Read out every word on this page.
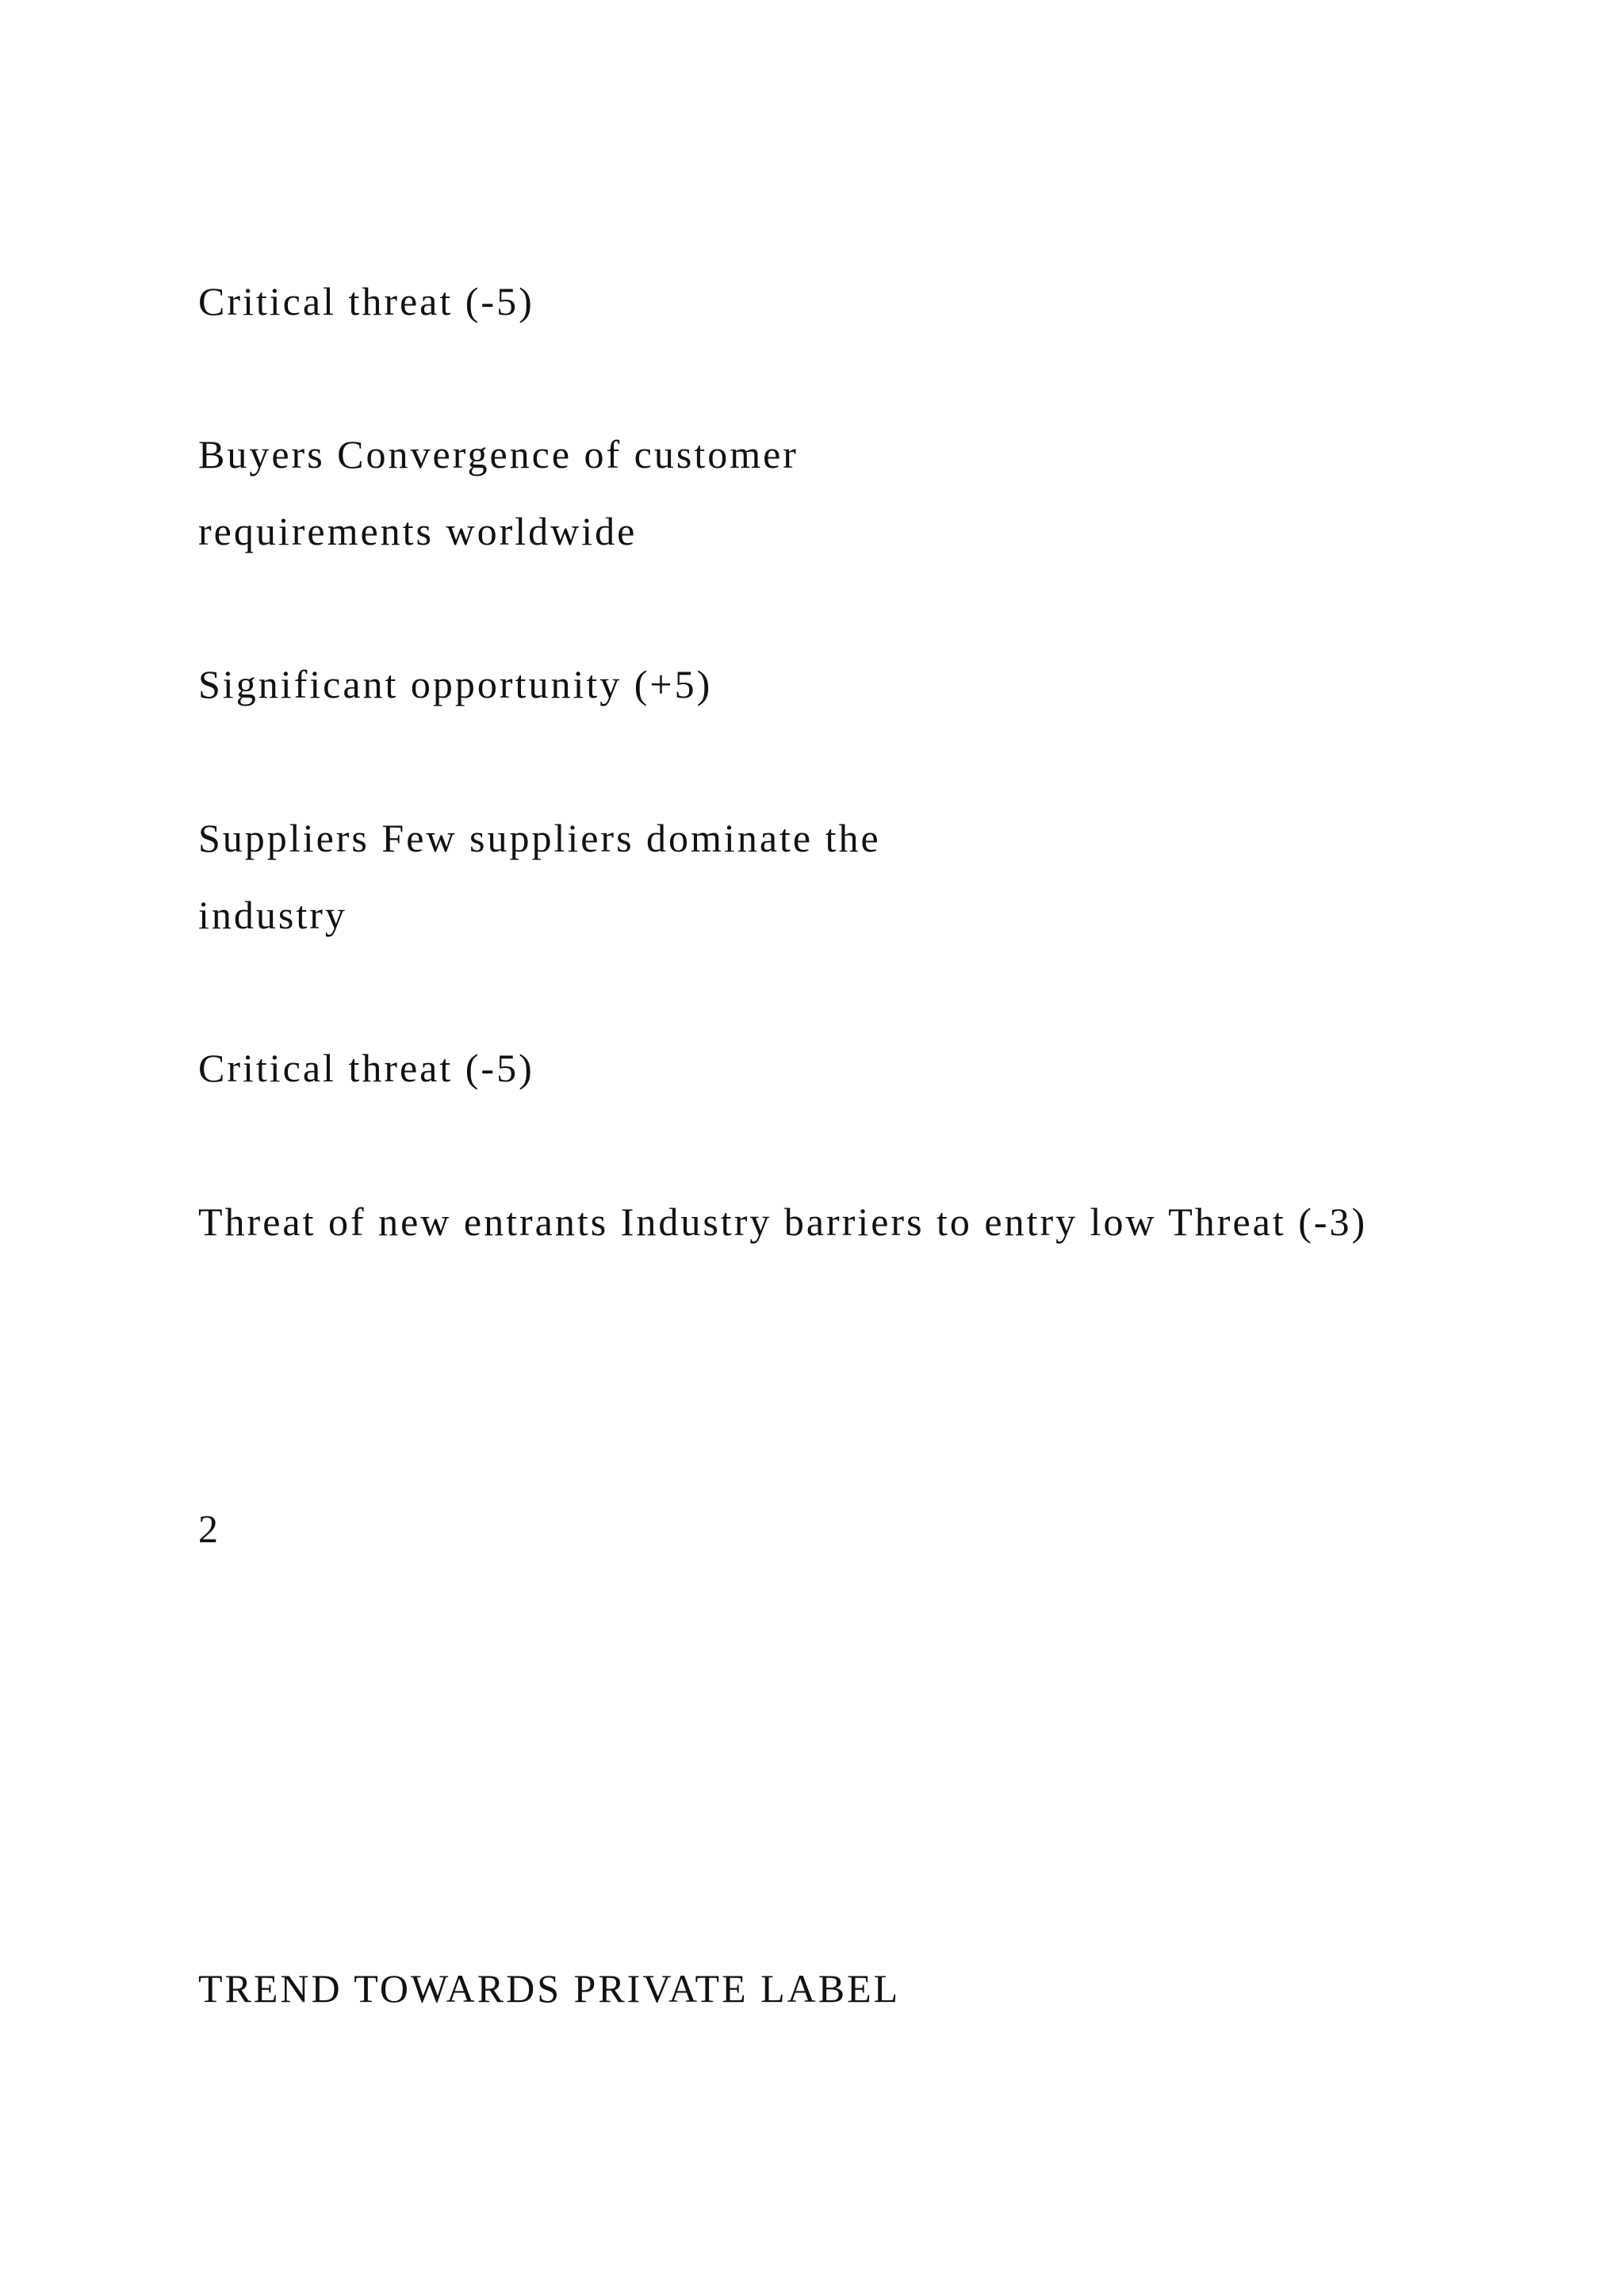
Critical threat (-5)

Buyers Convergence of customer

requirements worldwide

Significant opportunity (+5)

Suppliers Few suppliers dominate the

industry

Critical threat (-5)

Threat of new entrants Industry barriers to entry low Threat (-3)

2

TREND TOWARDS PRIVATE LABEL
